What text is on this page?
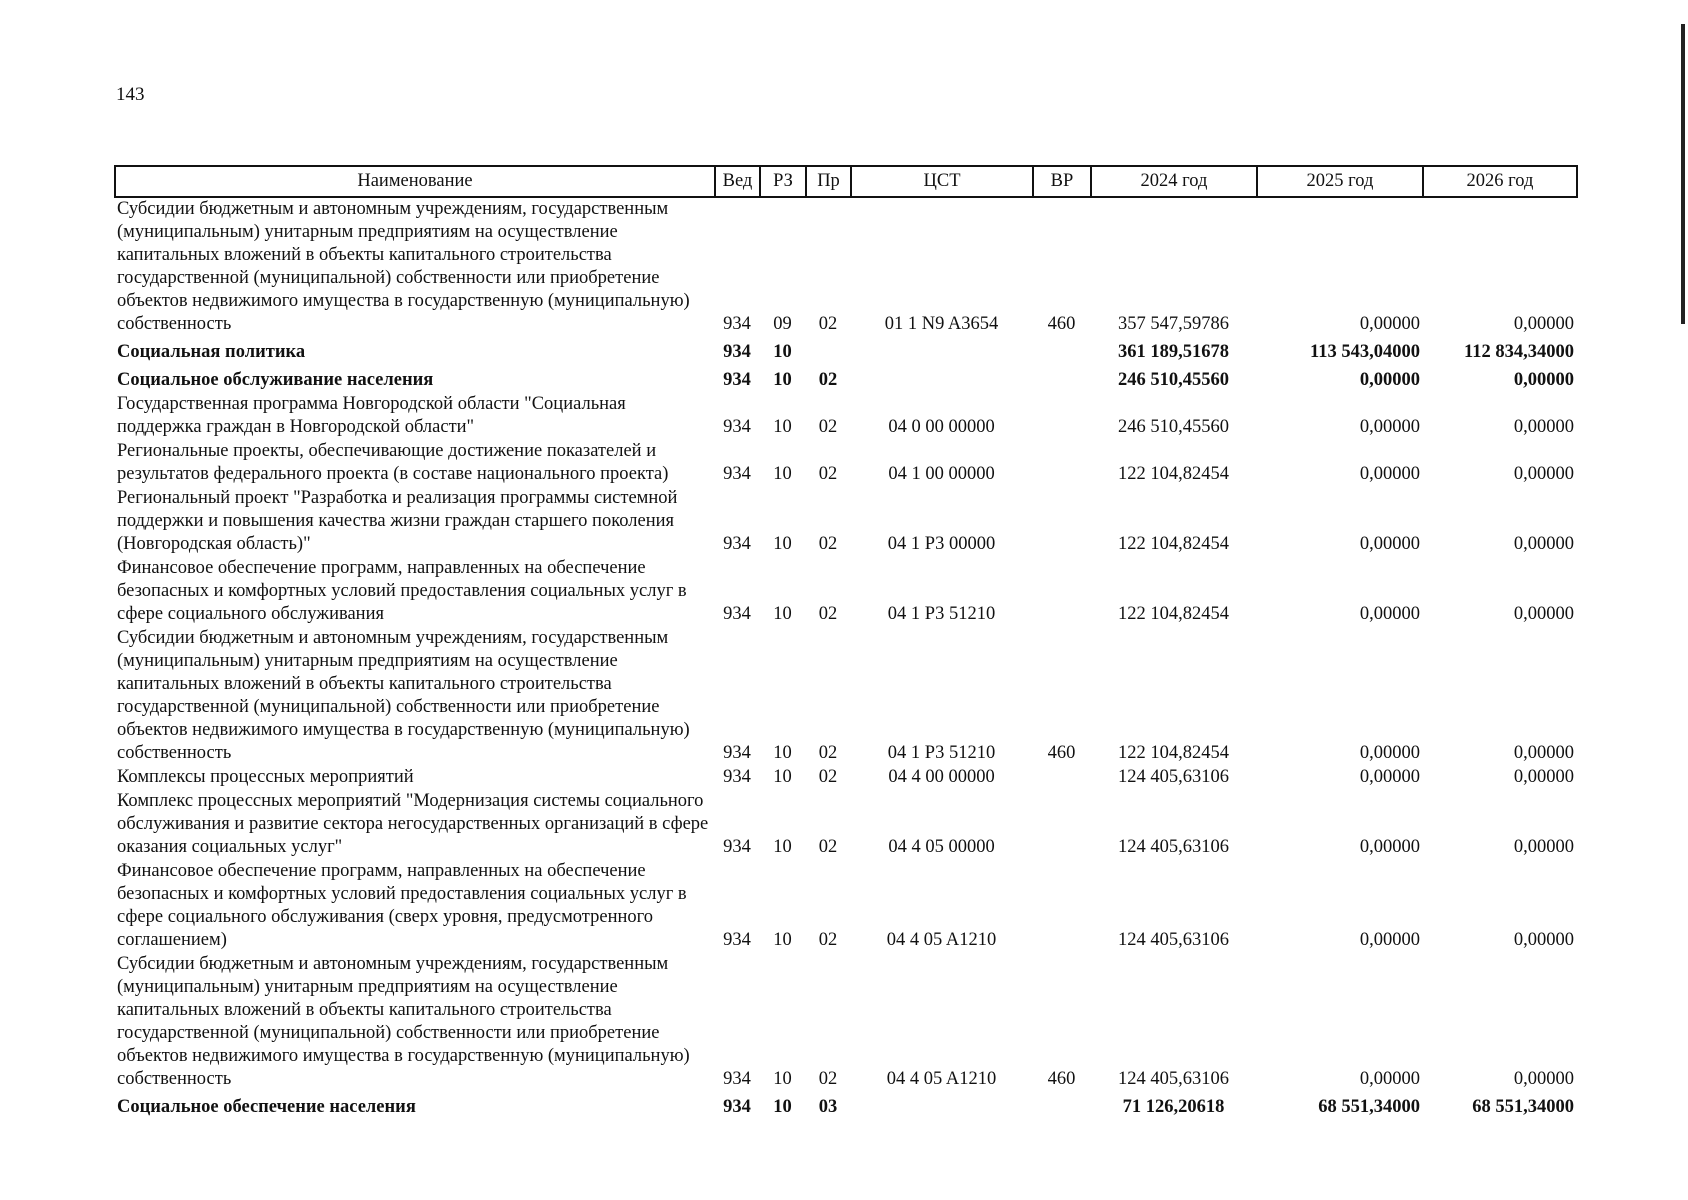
143
Наименование	Вед	РЗ	Пр	ЦСТ	ВР	2024 год	2025 год	2026 год
Субсидии бюджетным и автономным учреждениям, государственным (муниципальным) унитарным предприятиям на осуществление капитальных вложений в объекты капитального строительства государственной (муниципальной) собственности или приобретение объектов недвижимого имущества в государственную (муниципальную) собственность	934	09	02	01 1 N9 A3654	460	357 547,59786	0,00000	0,00000
Социальная политика	934	10				361 189,51678	113 543,04000	112 834,34000
Социальное обслуживание населения	934	10	02			246 510,45560	0,00000	0,00000
Государственная программа Новгородской области "Социальная поддержка граждан в Новгородской области"	934	10	02	04 0 00 00000		246 510,45560	0,00000	0,00000
Региональные проекты, обеспечивающие достижение показателей и результатов федерального проекта (в составе национального проекта)	934	10	02	04 1 00 00000		122 104,82454	0,00000	0,00000
Региональный проект "Разработка и реализация программы системной поддержки и повышения качества жизни граждан старшего поколения (Новгородская область)"	934	10	02	04 1 P3 00000		122 104,82454	0,00000	0,00000
Финансовое обеспечение программ, направленных на обеспечение безопасных и комфортных условий предоставления социальных услуг в сфере социального обслуживания	934	10	02	04 1 P3 51210		122 104,82454	0,00000	0,00000
Субсидии бюджетным и автономным учреждениям, государственным (муниципальным) унитарным предприятиям на осуществление капитальных вложений в объекты капитального строительства государственной (муниципальной) собственности или приобретение объектов недвижимого имущества в государственную (муниципальную) собственность	934	10	02	04 1 P3 51210	460	122 104,82454	0,00000	0,00000
Комплексы процессных мероприятий	934	10	02	04 4 00 00000		124 405,63106	0,00000	0,00000
Комплекс процессных мероприятий "Модернизация системы социального обслуживания и развитие сектора негосударственных организаций в сфере оказания социальных услуг"	934	10	02	04 4 05 00000		124 405,63106	0,00000	0,00000
Финансовое обеспечение программ, направленных на обеспечение безопасных и комфортных условий предоставления социальных услуг в сфере социального обслуживания (сверх уровня, предусмотренного соглашением)	934	10	02	04 4 05 A1210		124 405,63106	0,00000	0,00000
Субсидии бюджетным и автономным учреждениям, государственным (муниципальным) унитарным предприятиям на осуществление капитальных вложений в объекты капитального строительства государственной (муниципальной) собственности или приобретение объектов недвижимого имущества в государственную (муниципальную) собственность	934	10	02	04 4 05 A1210	460	124 405,63106	0,00000	0,00000
Социальное обеспечение населения	934	10	03			71 126,20618	68 551,34000	68 551,34000
